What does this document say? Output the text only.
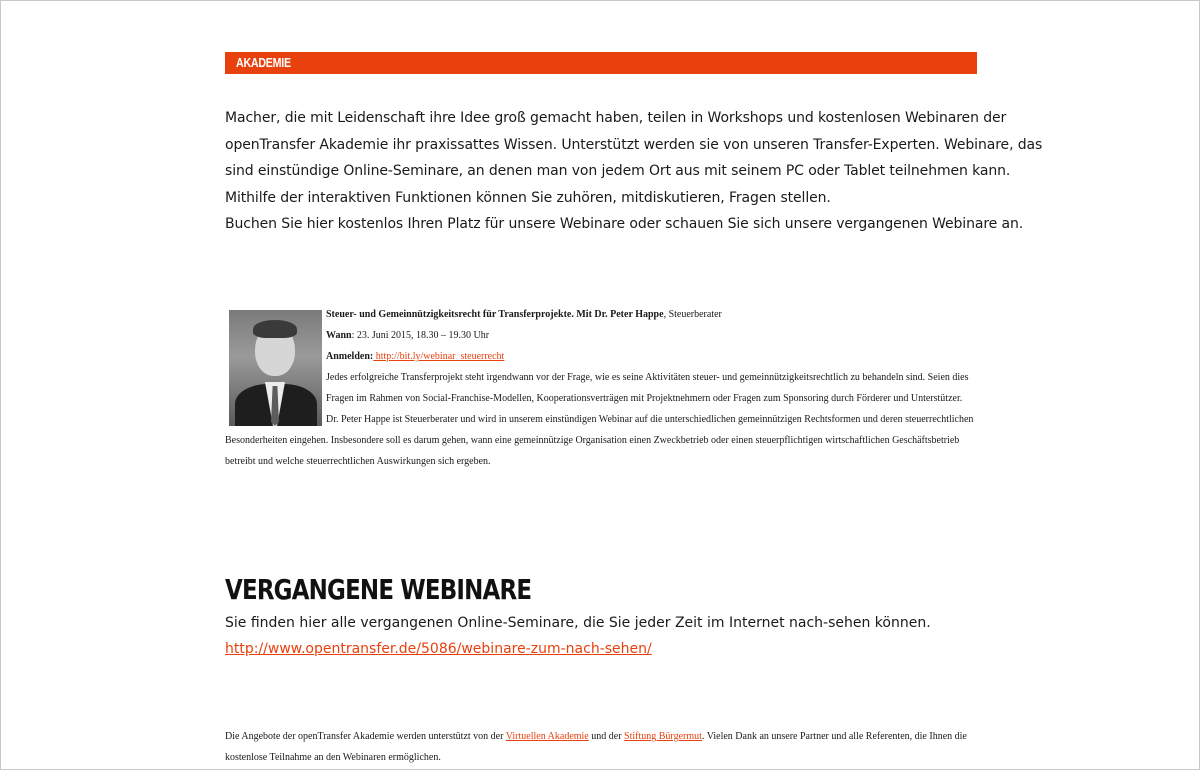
AKADEMIE

Macher, die mit Leidenschaft ihre Idee groß gemacht haben, teilen in Workshops und kostenlosen Webinaren der

openTransfer Akademie ihr praxissattes Wissen. Unterstützt werden sie von unseren Transfer-Experten. Webinare, das

sind einstündige Online-Seminare, an denen man von jedem Ort aus mit seinem PC oder Tablet teilnehmen kann.

Mithilfe der interaktiven Funktionen können Sie zuhören, mitdiskutieren, Fragen stellen.

Buchen Sie hier kostenlos Ihren Platz für unsere Webinare oder schauen Sie sich unsere vergangenen Webinare an.

Steuer- und Gemeinnützigkeitsrecht für Transferprojekte. Mit Dr. Peter Happe, Steuerberater
Wann: 23. Juni 2015, 18.30 – 19.30 Uhr
Anmelden: http://bit.ly/webinar_steuerrecht
Jedes erfolgreiche Transferprojekt steht irgendwann vor der Frage, wie es seine Aktivitäten steuer- und gemeinnützigkeitsrechtlich zu behandeln sind. Seien dies Fragen im Rahmen von Social-Franchise-Modellen, Kooperationsverträgen mit Projektnehmern oder Fragen zum Sponsoring durch Förderer und Unterstützer. Dr. Peter Happe ist Steuerberater und wird in unserem einstündigen Webinar auf die unterschiedlichen gemeinnützigen Rechtsformen und deren steuerrechtlichen Besonderheiten eingehen. Insbesondere soll es darum gehen, wann eine gemeinnützige Organisation einen Zweckbetrieb oder einen steuerpflichtigen wirtschaftlichen Geschäftsbetrieb betreibt und welche steuerrechtlichen Auswirkungen sich ergeben.
VERGANGENE WEBINARE

Sie finden hier alle vergangenen Online-Seminare, die Sie jeder Zeit im Internet nach-sehen können.

http://www.opentransfer.de/5086/webinare-zum-nach-sehen/

Die Angebote der openTransfer Akademie werden unterstützt von der Virtuellen Akademie und der Stiftung Bürgermut. Vielen Dank an unsere Partner und alle Referenten, die Ihnen die kostenlose Teilnahme an den Webinaren ermöglichen.
